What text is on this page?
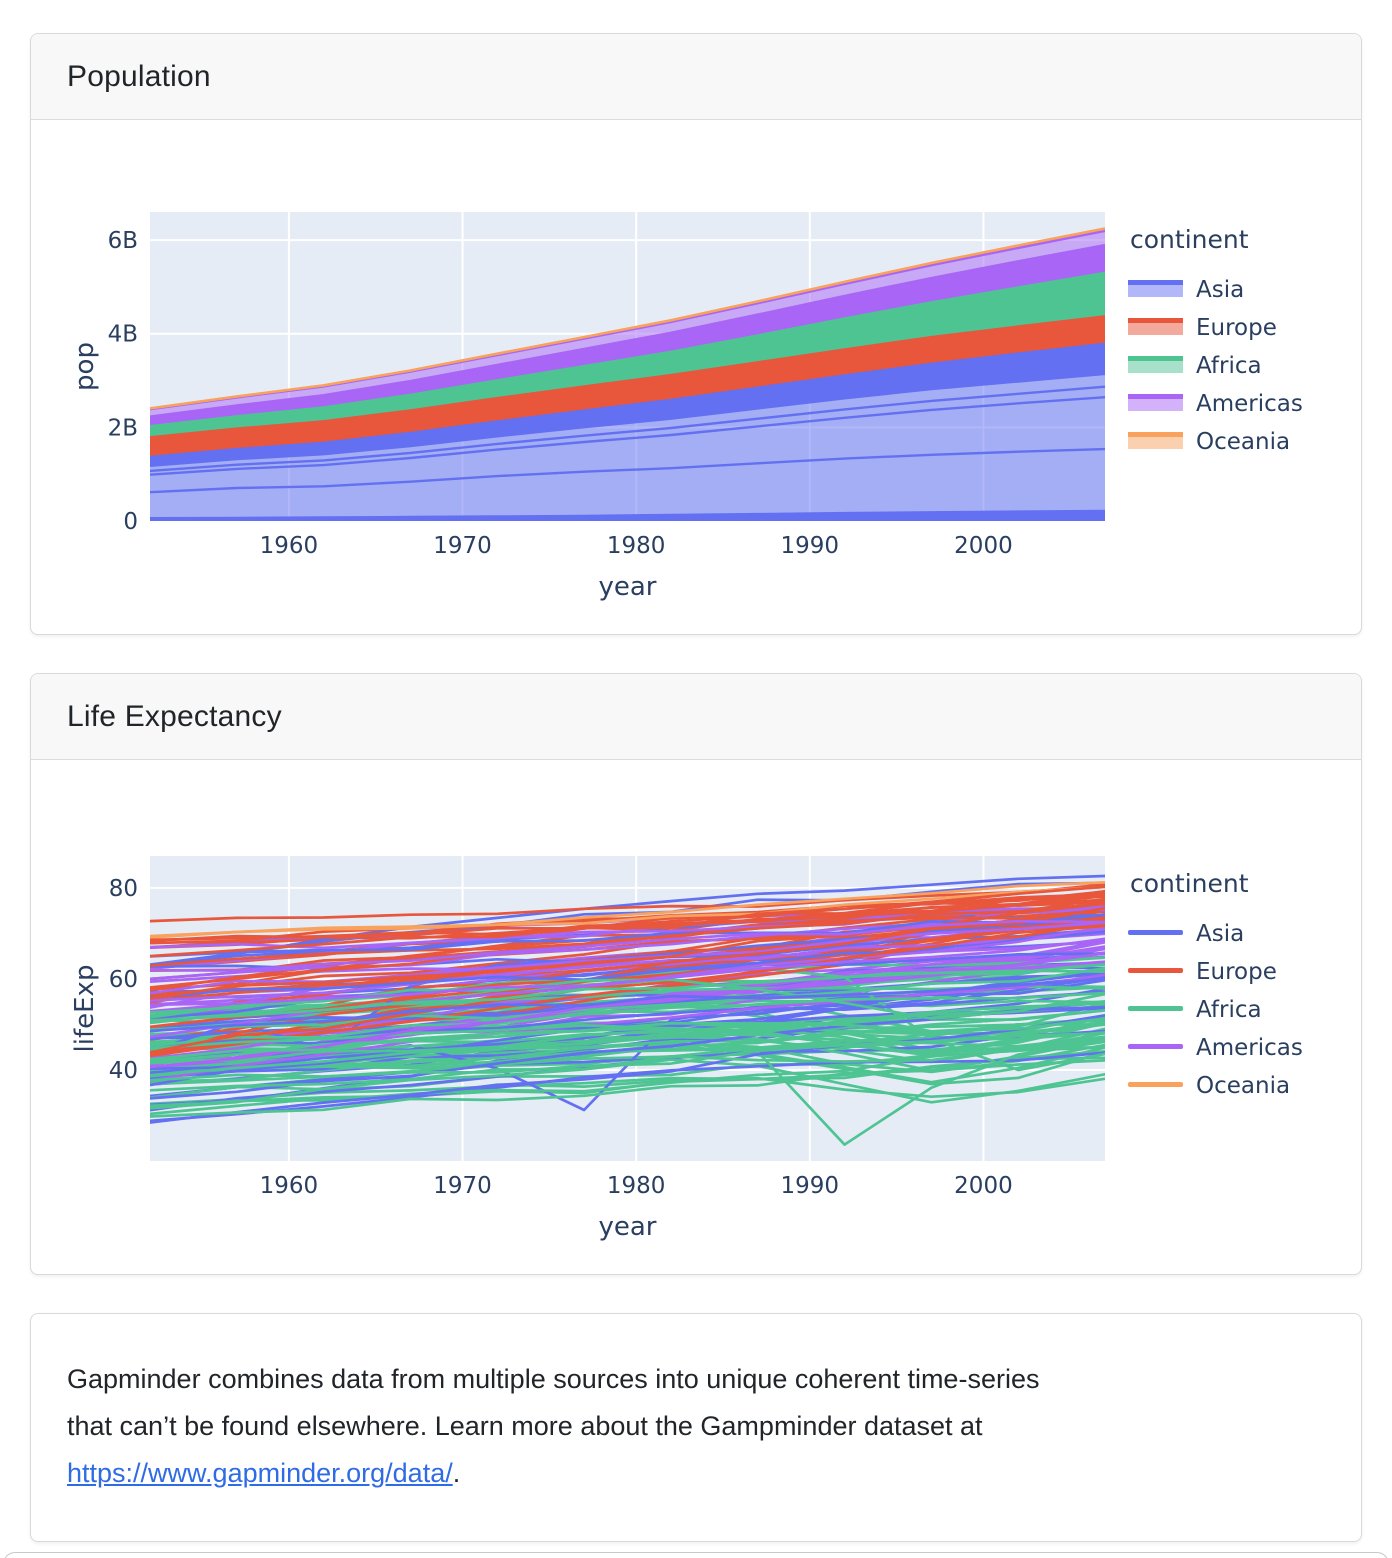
Population
1960	1970	1980	1990	2000
0
2B
4B
6B
year
pop
continent
Asia
Europe
Africa
Americas
Oceania
Life Expectancy
1960	1970	1980	1990	2000
40
60
80
year
lifeExp
continent
Asia
Europe
Africa
Americas
Oceania

Gapminder combines data from multiple sources into unique coherent time-series
that can’t be found elsewhere. Learn more about the Gampminder dataset at
https://www.gapminder.org/data/.
